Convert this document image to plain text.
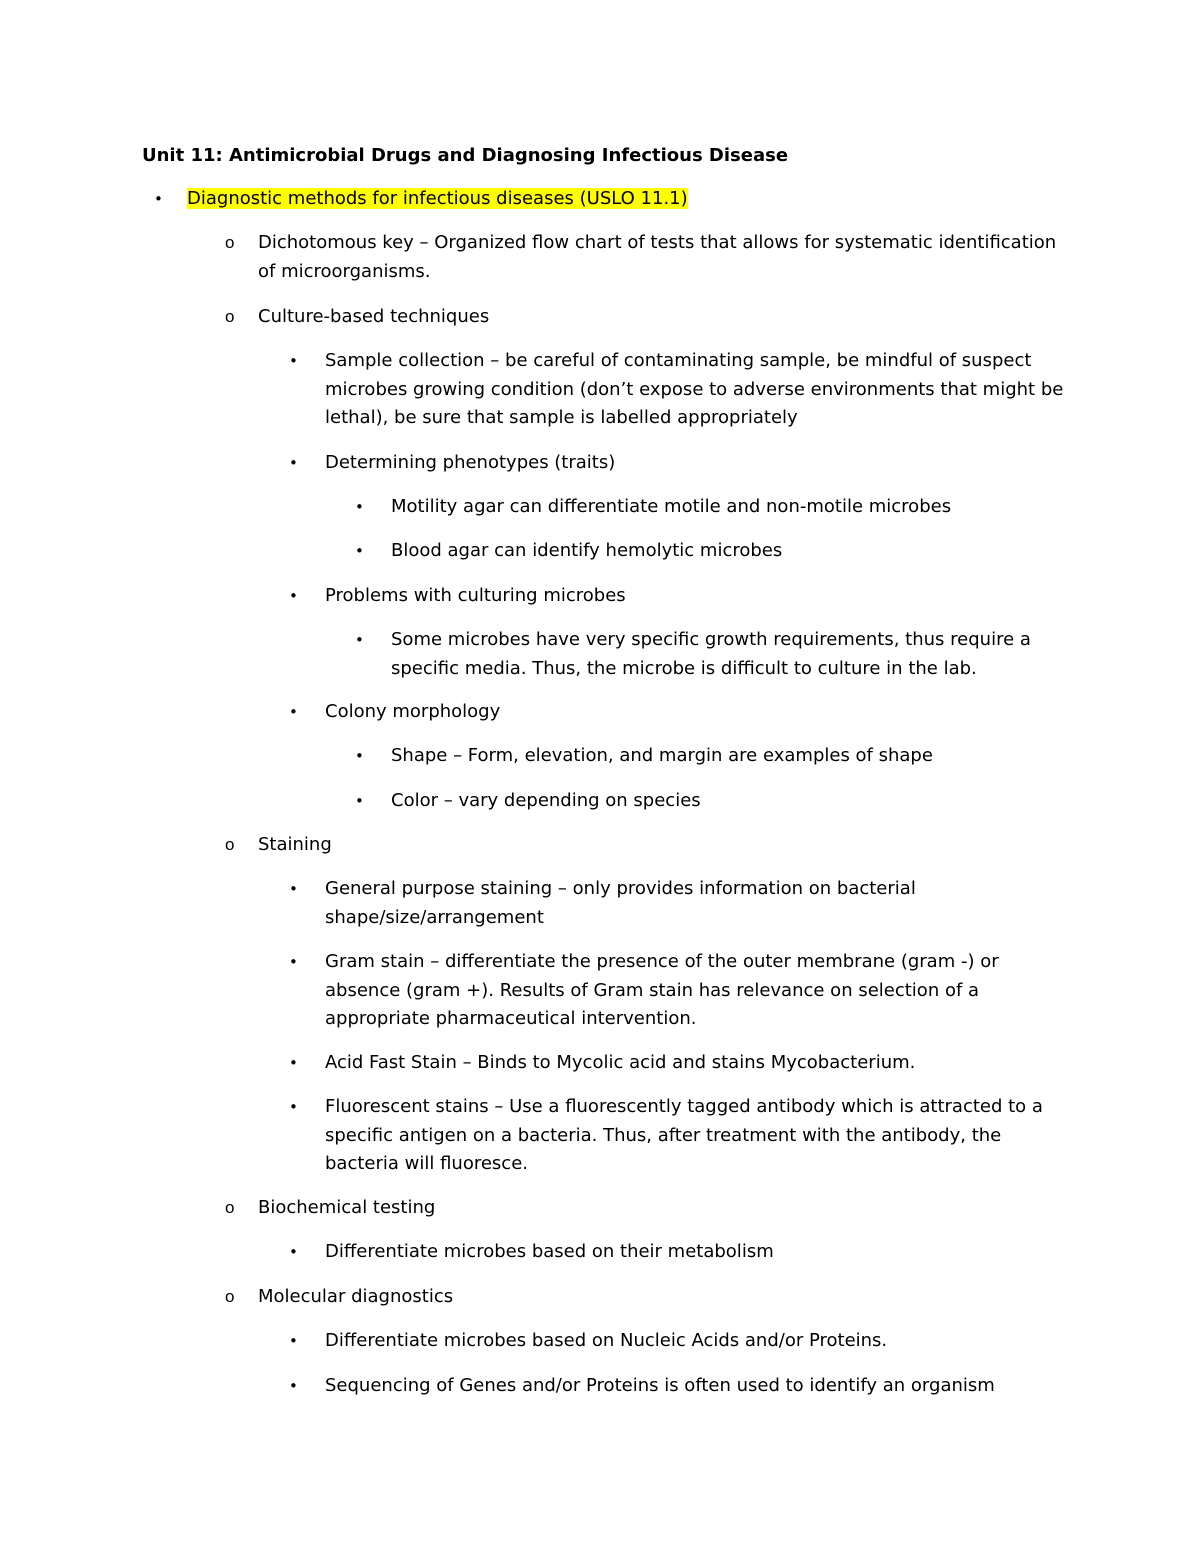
Unit 11: Antimicrobial Drugs and Diagnosing Infectious Disease
• Diagnostic methods for infectious diseases (USLO 11.1)
o Dichotomous key – Organized flow chart of tests that allows for systematic identification of microorganisms.
o Culture-based techniques
• Sample collection – be careful of contaminating sample, be mindful of suspect microbes growing condition (don’t expose to adverse environments that might be lethal), be sure that sample is labelled appropriately
• Determining phenotypes (traits)
• Motility agar can differentiate motile and non-motile microbes
• Blood agar can identify hemolytic microbes
• Problems with culturing microbes
• Some microbes have very specific growth requirements, thus require a specific media. Thus, the microbe is difficult to culture in the lab.
• Colony morphology
• Shape – Form, elevation, and margin are examples of shape
• Color – vary depending on species
o Staining
• General purpose staining – only provides information on bacterial shape/size/arrangement
• Gram stain – differentiate the presence of the outer membrane (gram -) or absence (gram +). Results of Gram stain has relevance on selection of a appropriate pharmaceutical intervention.
• Acid Fast Stain – Binds to Mycolic acid and stains Mycobacterium.
• Fluorescent stains – Use a fluorescently tagged antibody which is attracted to a specific antigen on a bacteria. Thus, after treatment with the antibody, the bacteria will fluoresce.
o Biochemical testing
• Differentiate microbes based on their metabolism
o Molecular diagnostics
• Differentiate microbes based on Nucleic Acids and/or Proteins.
• Sequencing of Genes and/or Proteins is often used to identify an organism
